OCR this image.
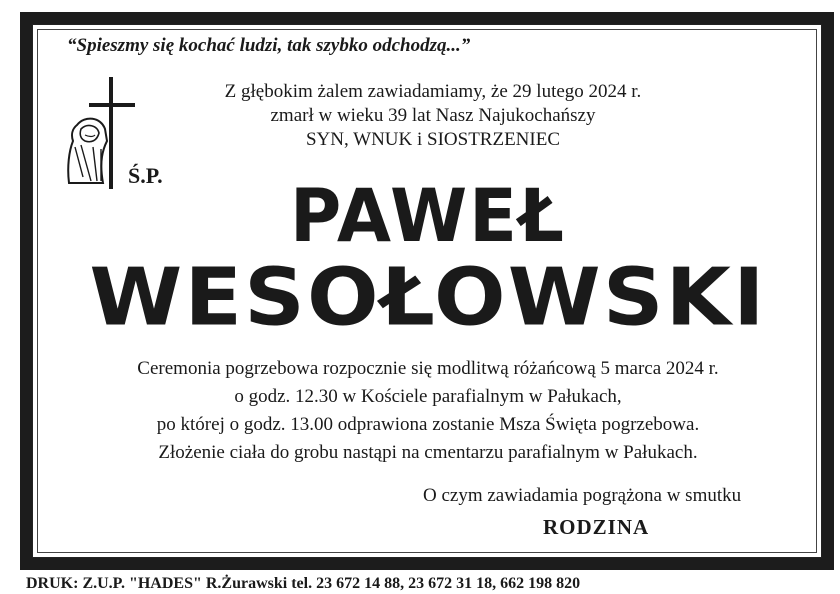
“Spieszmy się kochać ludzi, tak szybko odchodzą...”
Ś.P.
Z głębokim żalem zawiadamiamy, że 29 lutego 2024 r.
zmarł w wieku 39 lat Nasz Najukochańszy
SYN, WNUK i SIOSTRZENIEC
PAWEŁ
WESOŁOWSKI
Ceremonia pogrzebowa rozpocznie się modlitwą różańcową 5 marca 2024 r.
o godz. 12.30 w Kościele parafialnym w Pałukach,
po której o godz. 13.00 odprawiona zostanie Msza Święta pogrzebowa.
Złożenie ciała do grobu nastąpi na cmentarzu parafialnym w Pałukach.
O czym zawiadamia pogrążona w smutku
RODZINA
DRUK: Z.U.P. "HADES" R.Żurawski tel. 23 672 14 88, 23 672 31 18, 662 198 820
